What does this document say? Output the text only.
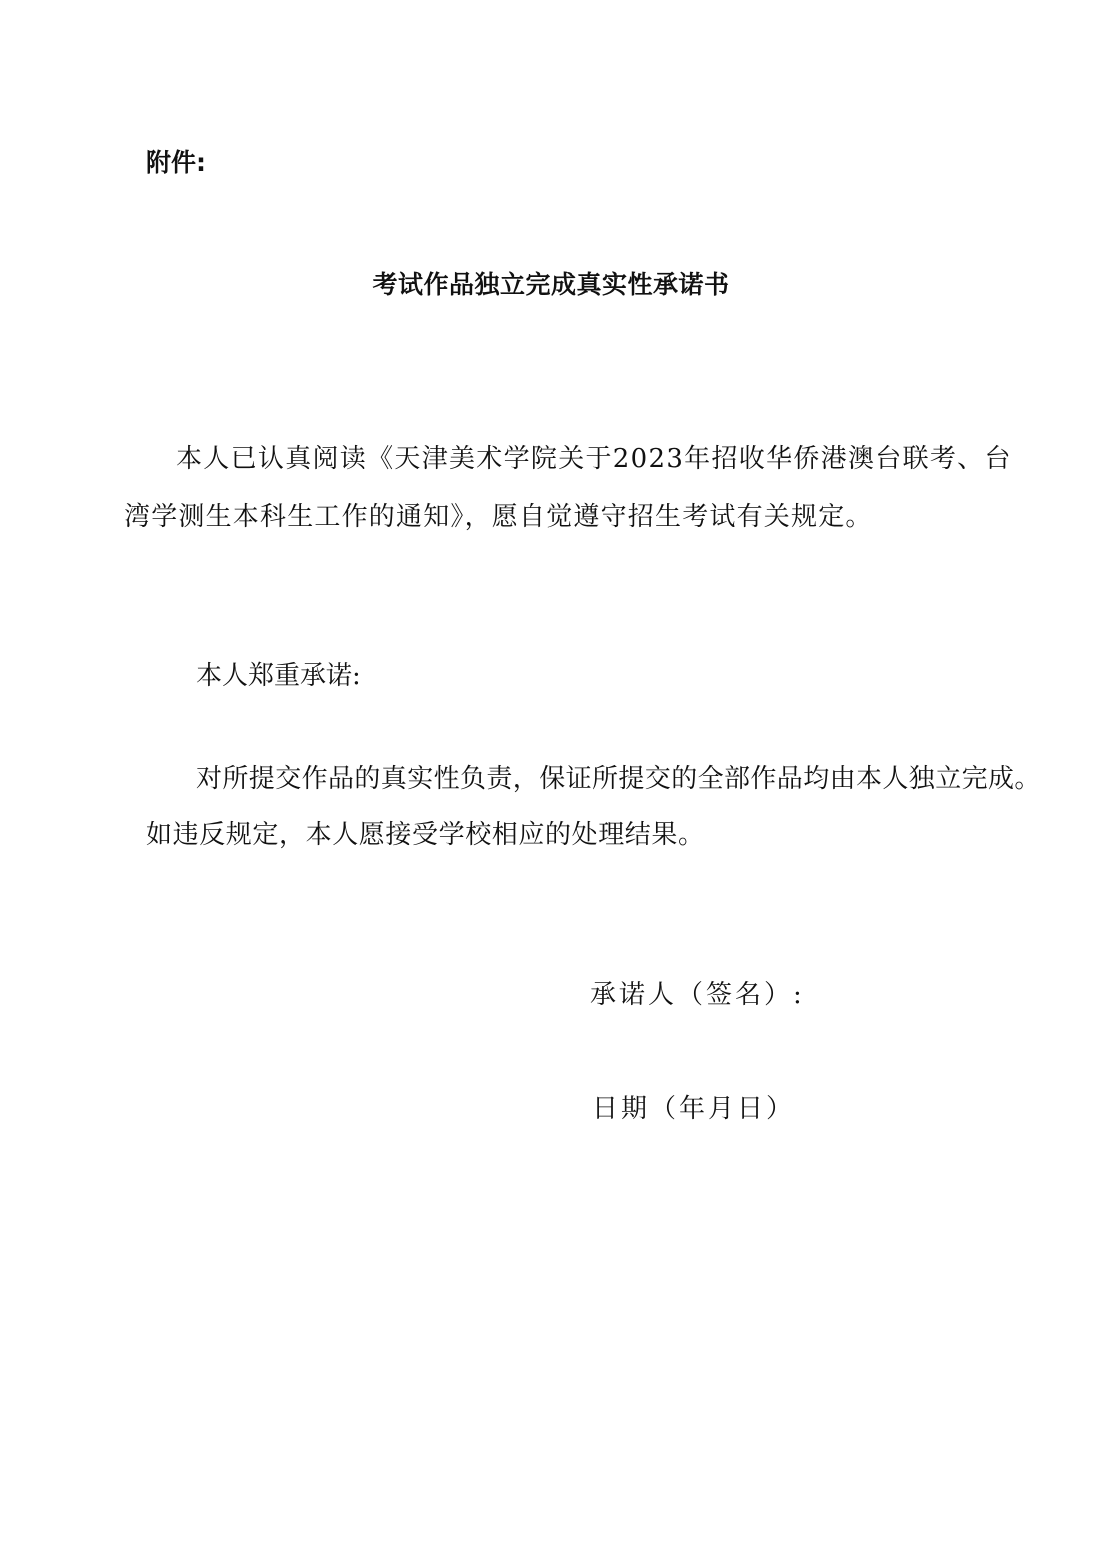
附件:
考试作品独立完成真实性承诺书
本人已认真阅读《天津美术学院关于2023年招收华侨港澳台联考、台
湾学测生本科生工作的通知》，愿自觉遵守招生考试有关规定。
本人郑重承诺:
对所提交作品的真实性负责，保证所提交的全部作品均由本人独立完成。
如违反规定，本人愿接受学校相应的处理结果。
承诺人（签名）:
日期（年月日）
